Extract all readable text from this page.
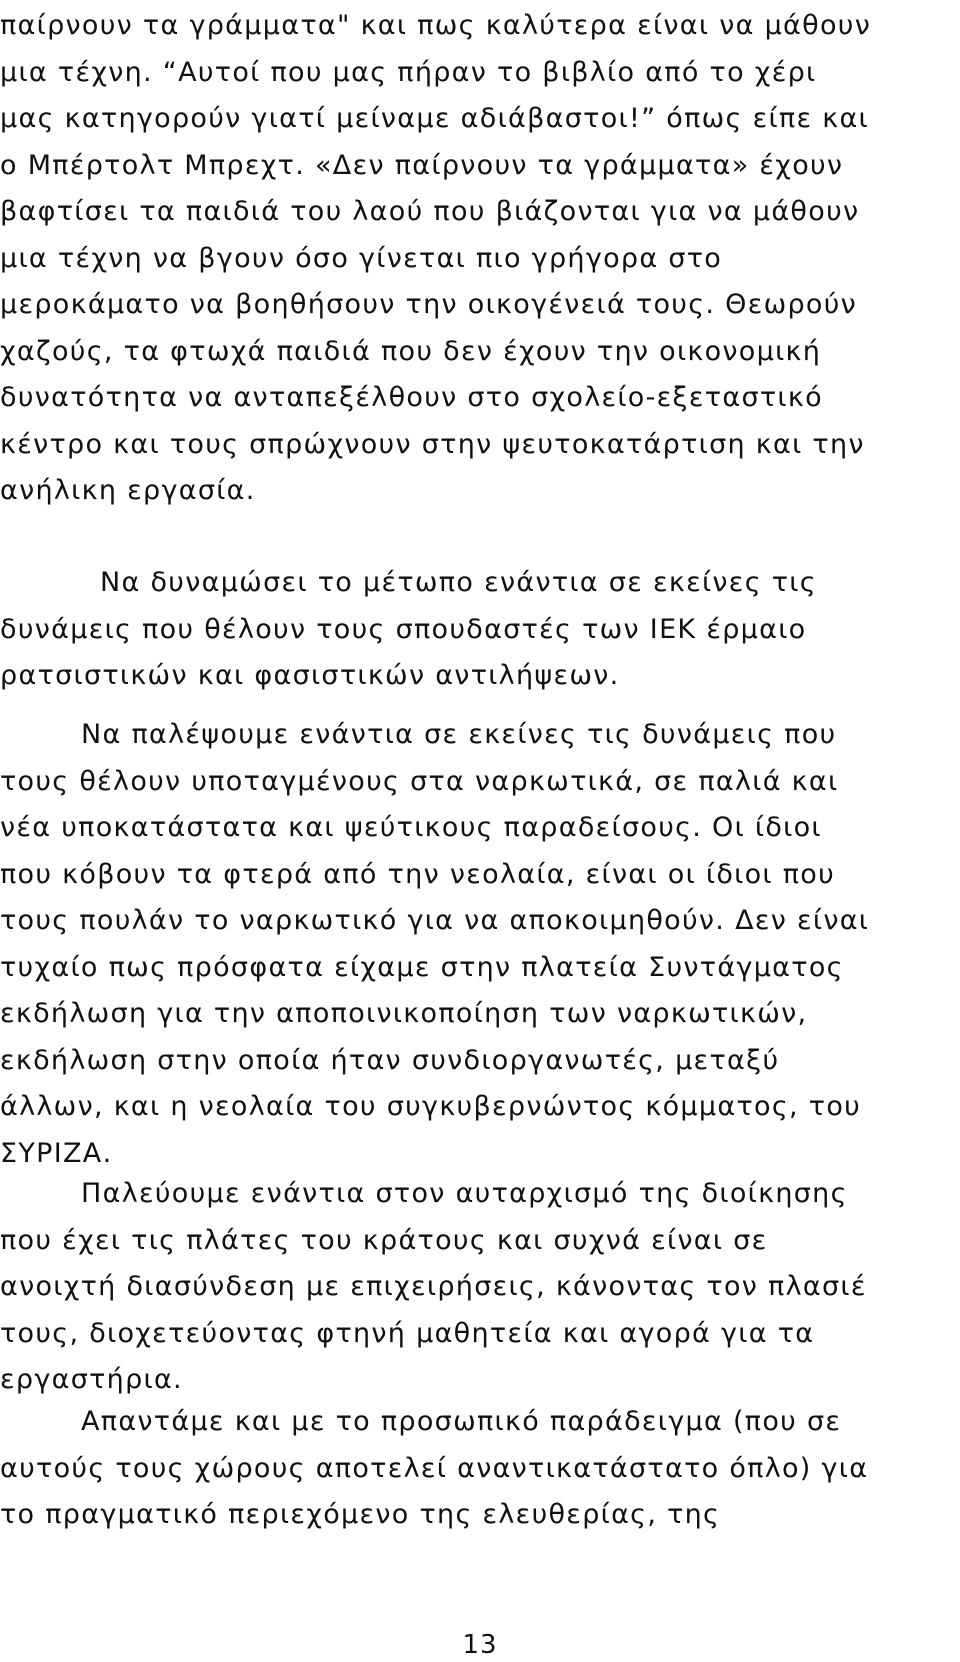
παίρνουν τα γράμματα" και πως καλύτερα είναι να μάθουν
μια τέχνη. “Αυτοί που μας πήραν το βιβλίο από το χέρι
μας κατηγορούν γιατί μείναμε αδιάβαστοι!” όπως είπε και
ο Μπέρτολτ Μπρεχτ. «Δεν παίρνουν τα γράμματα» έχουν
βαφτίσει τα παιδιά του λαού που βιάζονται για να μάθουν
μια τέχνη να βγουν όσο γίνεται πιο γρήγορα στο
μεροκάματο να βοηθήσουν την οικογένειά τους. Θεωρούν
χαζούς, τα φτωχά παιδιά που δεν έχουν την οικονομική
δυνατότητα να ανταπεξέλθουν στο σχολείο-εξεταστικό
κέντρο και τους σπρώχνουν στην ψευτοκατάρτιση και την
ανήλικη εργασία.
Να δυναμώσει το μέτωπο ενάντια σε εκείνες τις
δυνάμεις που θέλουν τους σπουδαστές των ΙΕΚ έρμαιο
ρατσιστικών και φασιστικών αντιλήψεων.
Να παλέψουμε ενάντια σε εκείνες τις δυνάμεις που
τους θέλουν υποταγμένους στα ναρκωτικά, σε παλιά και
νέα υποκατάστατα και ψεύτικους παραδείσους. Οι ίδιοι
που κόβουν τα φτερά από την νεολαία, είναι οι ίδιοι που
τους πουλάν το ναρκωτικό για να αποκοιμηθούν. Δεν είναι
τυχαίο πως πρόσφατα είχαμε στην πλατεία Συντάγματος
εκδήλωση για την αποποινικοποίηση των ναρκωτικών,
εκδήλωση στην οποία ήταν συνδιοργανωτές, μεταξύ
άλλων, και η νεολαία του συγκυβερνώντος κόμματος, του
ΣΥΡΙΖΑ.
Παλεύουμε ενάντια στον αυταρχισμό της διοίκησης
που έχει τις πλάτες του κράτους και συχνά είναι σε
ανοιχτή διασύνδεση με επιχειρήσεις, κάνοντας τον πλασιέ
τους, διοχετεύοντας φτηνή μαθητεία και αγορά για τα
εργαστήρια.
Απαντάμε και με το προσωπικό παράδειγμα (που σε
αυτούς τους χώρους αποτελεί αναντικατάστατο όπλο) για
το πραγματικό περιεχόμενο της ελευθερίας, της
13
